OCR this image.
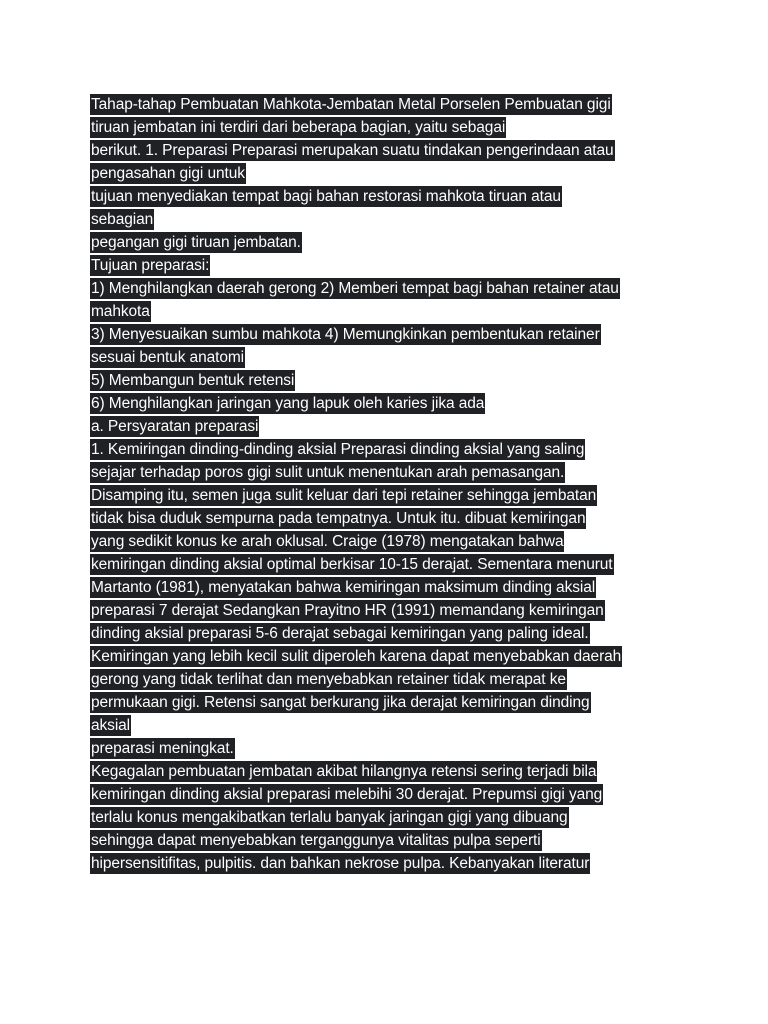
Tahap-tahap Pembuatan Mahkota-Jembatan Metal Porselen Pembuatan gigi
tiruan jembatan ini terdiri dari beberapa bagian, yaitu sebagai
berikut. 1. Preparasi Preparasi merupakan suatu tindakan pengerindaan atau
pengasahan gigi untuk
tujuan menyediakan tempat bagi bahan restorasi mahkota tiruan atau
sebagian
pegangan gigi tiruan jembatan.
Tujuan preparasi:
1) Menghilangkan daerah gerong 2) Memberi tempat bagi bahan retainer atau
mahkota
3) Menyesuaikan sumbu mahkota 4) Memungkinkan pembentukan retainer
sesuai bentuk anatomi
5) Membangun bentuk retensi
6) Menghilangkan jaringan yang lapuk oleh karies jika ada
a. Persyaratan preparasi
1. Kemiringan dinding-dinding aksial Preparasi dinding aksial yang saling
sejajar terhadap poros gigi sulit untuk menentukan arah pemasangan.
Disamping itu, semen juga sulit keluar dari tepi retainer sehingga jembatan
tidak bisa duduk sempurna pada tempatnya. Untuk itu. dibuat kemiringan
yang sedikit konus ke arah oklusal. Craige (1978) mengatakan bahwa
kemiringan dinding aksial optimal berkisar 10-15 derajat. Sementara menurut
Martanto (1981), menyatakan bahwa kemiringan maksimum dinding aksial
preparasi 7 derajat Sedangkan Prayitno HR (1991) memandang kemiringan
dinding aksial preparasi 5-6 derajat sebagai kemiringan yang paling ideal.
Kemiringan yang lebih kecil sulit diperoleh karena dapat menyebabkan daerah
gerong yang tidak terlihat dan menyebabkan retainer tidak merapat ke
permukaan gigi. Retensi sangat berkurang jika derajat kemiringan dinding
aksial
preparasi meningkat.
Kegagalan pembuatan jembatan akibat hilangnya retensi sering terjadi bila
kemiringan dinding aksial preparasi melebihi 30 derajat. Prepumsi gigi yang
terlalu konus mengakibatkan terlalu banyak jaringan gigi yang dibuang
sehingga dapat menyebabkan terganggunya vitalitas pulpa seperti
hipersensitifitas, pulpitis. dan bahkan nekrose pulpa. Kebanyakan literatur
